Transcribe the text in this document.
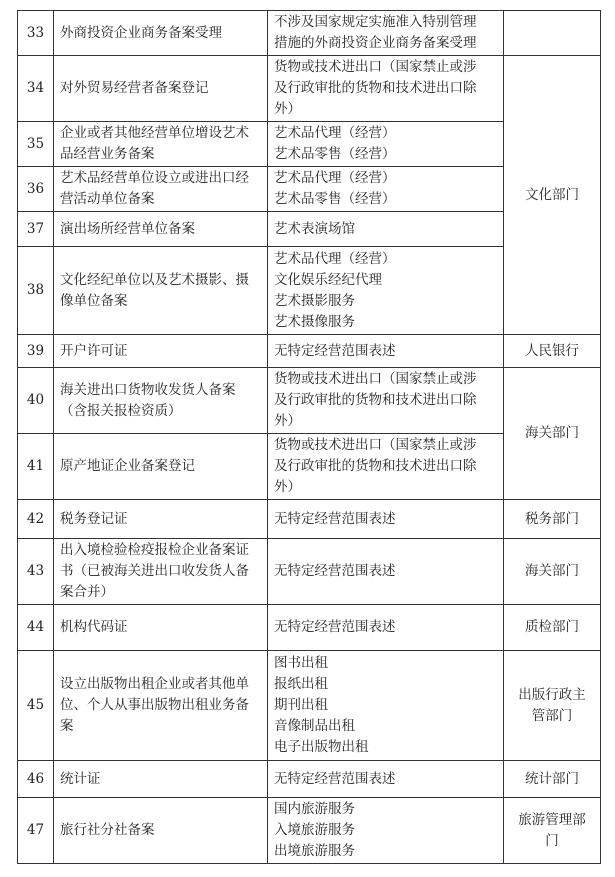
33	外商投资企业商务备案受理	不涉及国家规定实施准入特别管理
措施的外商投资企业商务备案受理	

34	对外贸易经营者备案登记	货物或技术进出口（国家禁止或涉
及行政审批的货物和技术进出口除
外）	文化部门
35	企业或者其他经营单位增设艺术品经营业务备案	艺术品代理（经营）
艺术品零售（经营）	

36	艺术品经营单位设立或进出口经营活动单位备案	艺术品代理（经营）
艺术品零售（经营）	

37	演出场所经营单位备案	艺术表演场馆	

38	文化经纪单位以及艺术摄影、摄像单位备案	艺术品代理（经营）
文化娱乐经纪代理
艺术摄影服务
艺术摄像服务	

39	开户许可证	无特定经营范围表述	人民银行
40	海关进出口货物收发货人备案（含报关报检资质）	货物或技术进出口（国家禁止或涉
及行政审批的货物和技术进出口除
外）	海关部门
41	原产地证企业备案登记	货物或技术进出口（国家禁止或涉
及行政审批的货物和技术进出口除
外）	

42	税务登记证	无特定经营范围表述	税务部门
43	出入境检验检疫报检企业备案证书（已被海关进出口收发货人备案合并）	无特定经营范围表述	海关部门
44	机构代码证	无特定经营范围表述	质检部门
45	设立出版物出租企业或者其他单位、个人从事出版物出租业务备案	图书出租
报纸出租
期刊出租
音像制品出租
电子出版物出租	出版行政主管部门
46	统计证	无特定经营范围表述	统计部门
47	旅行社分社备案	国内旅游服务
入境旅游服务
出境旅游服务	旅游管理部门
